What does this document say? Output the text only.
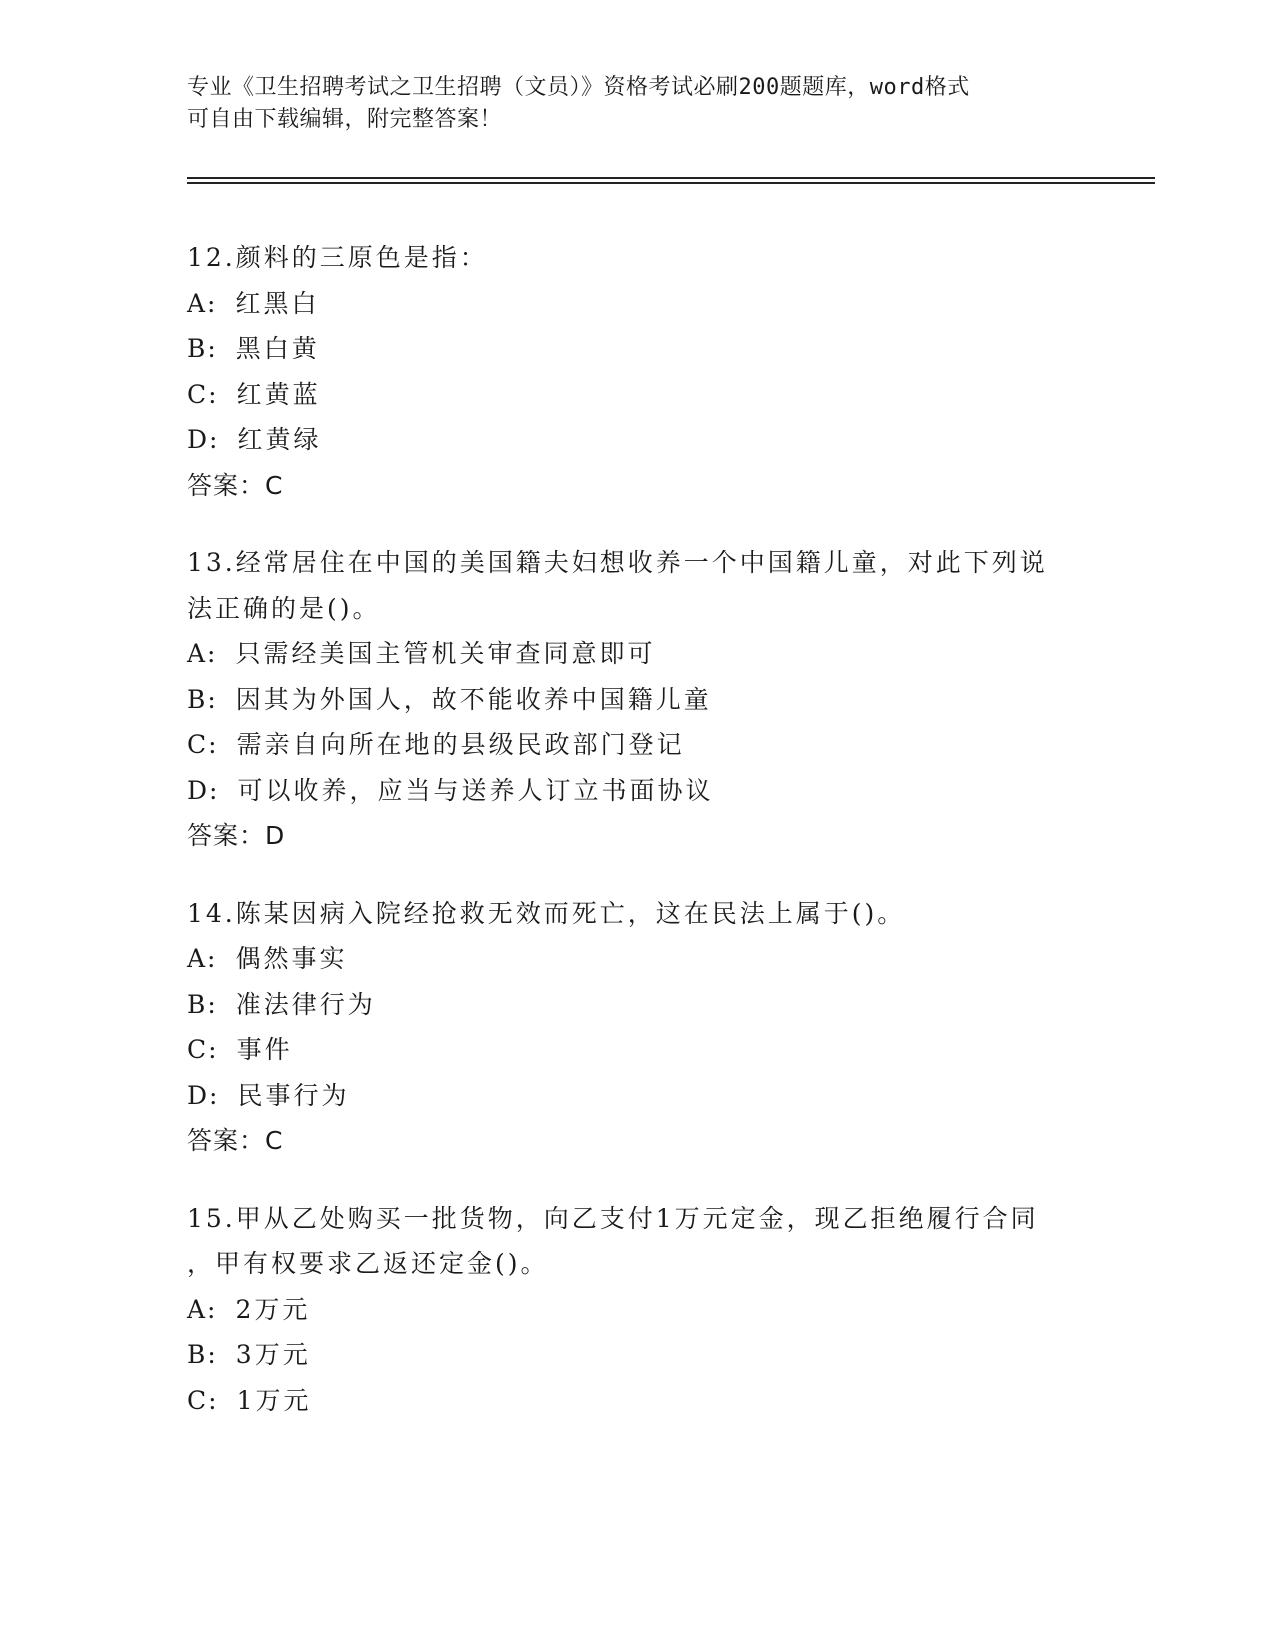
专业《卫生招聘考试之卫生招聘（文员）》资格考试必刷200题题库，word格式
可自由下载编辑，附完整答案！
12.颜料的三原色是指：
A: 红黑白
B: 黑白黄
C: 红黄蓝
D: 红黄绿
答案：C
13.经常居住在中国的美国籍夫妇想收养一个中国籍儿童，对此下列说
法正确的是()。
A: 只需经美国主管机关审查同意即可
B: 因其为外国人，故不能收养中国籍儿童
C: 需亲自向所在地的县级民政部门登记
D: 可以收养，应当与送养人订立书面协议
答案：D
14.陈某因病入院经抢救无效而死亡，这在民法上属于()。
A: 偶然事实
B: 准法律行为
C: 事件
D: 民事行为
答案：C
15.甲从乙处购买一批货物，向乙支付1万元定金，现乙拒绝履行合同
，甲有权要求乙返还定金()。
A: 2万元
B: 3万元
C: 1万元
